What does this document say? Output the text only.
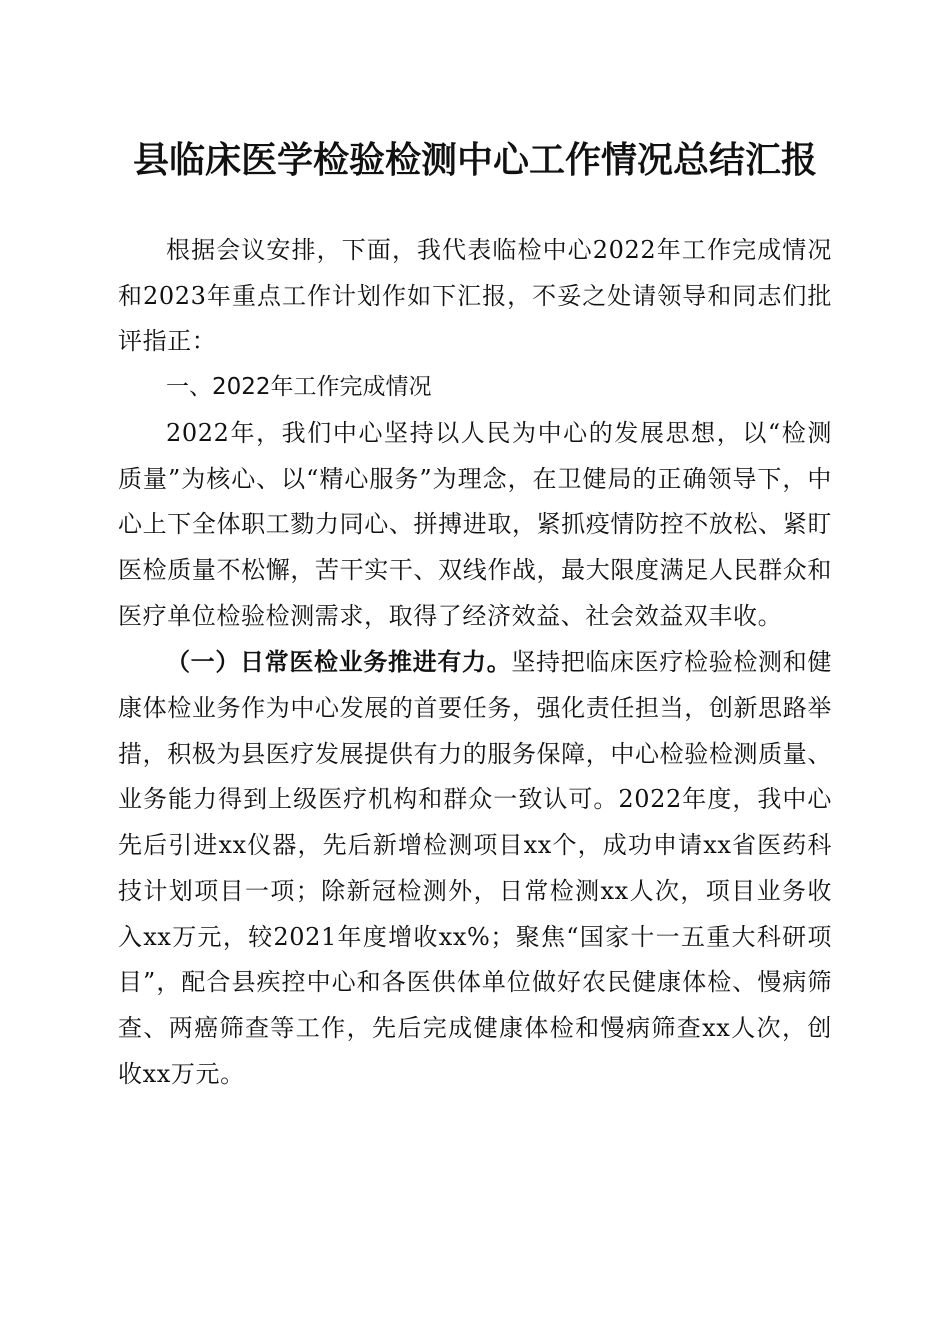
县临床医学检验检测中心工作情况总结汇报

根据会议安排，下面，我代表临检中心2022年工作完成情况和2023年重点工作计划作如下汇报，不妥之处请领导和同志们批评指正：

一、2022年工作完成情况

2022年，我们中心坚持以人民为中心的发展思想，以“检测质量”为核心、以“精心服务”为理念，在卫健局的正确领导下，中心上下全体职工勠力同心、拼搏进取，紧抓疫情防控不放松、紧盯医检质量不松懈，苦干实干、双线作战，最大限度满足人民群众和医疗单位检验检测需求，取得了经济效益、社会效益双丰收。

（一）日常医检业务推进有力。坚持把临床医疗检验检测和健康体检业务作为中心发展的首要任务，强化责任担当，创新思路举措，积极为县医疗发展提供有力的服务保障，中心检验检测质量、业务能力得到上级医疗机构和群众一致认可。2022年度，我中心先后引进xx仪器，先后新增检测项目xx个，成功申请xx省医药科技计划项目一项；除新冠检测外，日常检测xx人次，项目业务收入xx万元，较2021年度增收xx%；聚焦“国家十一五重大科研项目”，配合县疾控中心和各医供体单位做好农民健康体检、慢病筛查、两癌筛查等工作，先后完成健康体检和慢病筛查xx人次，创收xx万元。
